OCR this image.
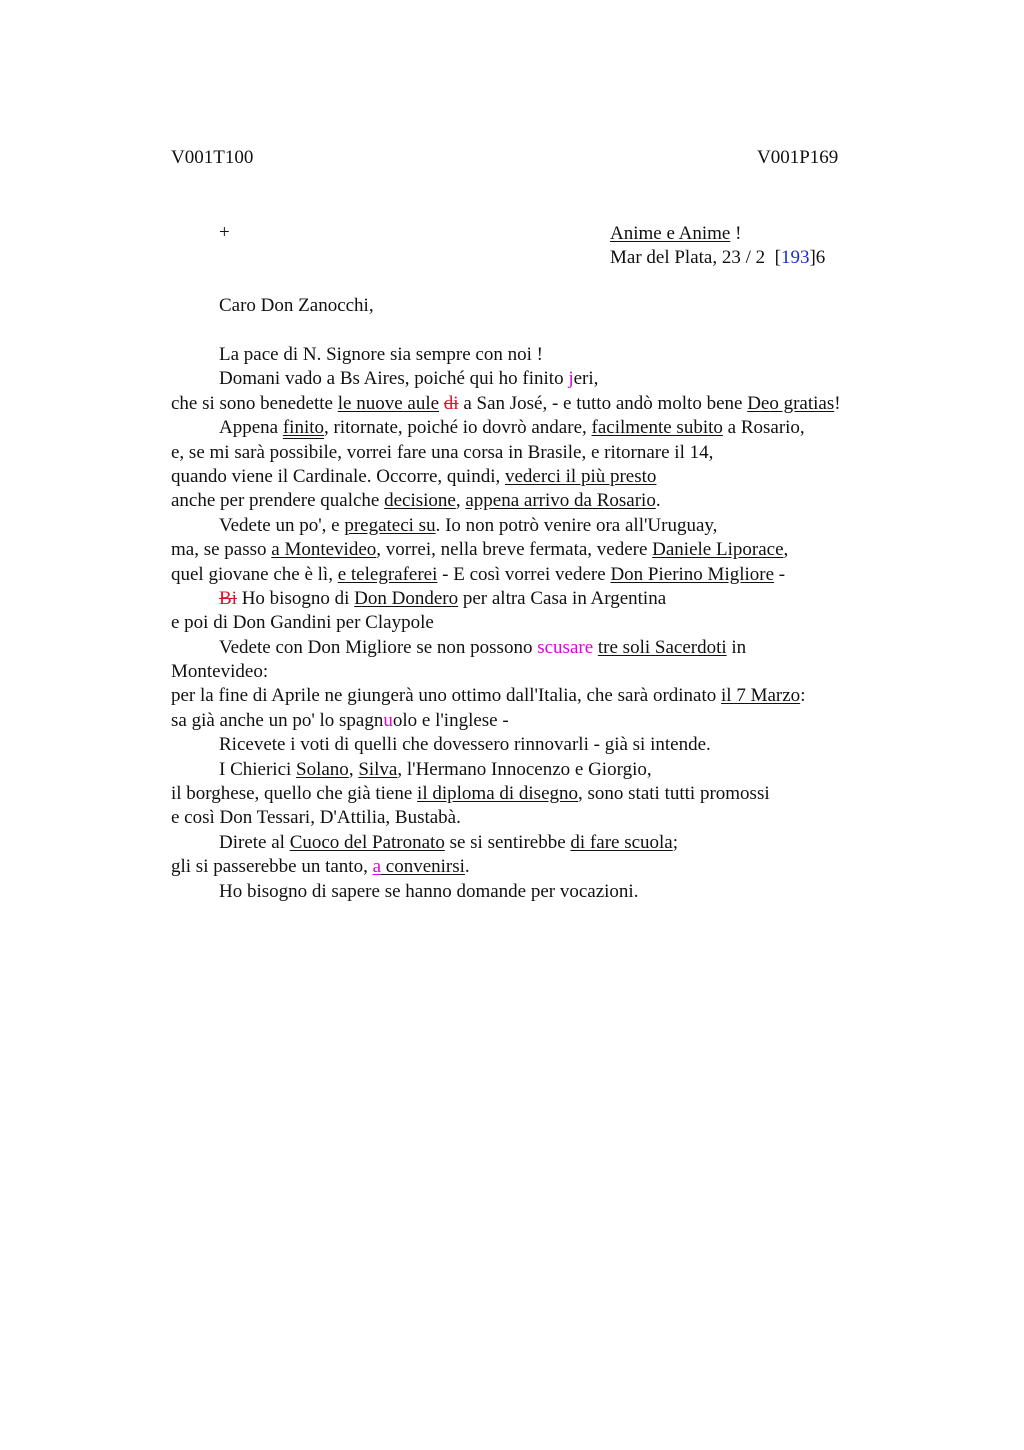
V001T100	V001P169
+	Anime e Anime !
Mar del Plata, 23 / 2  [193]6
Caro Don Zanocchi,
La pace di N. Signore sia sempre con noi !
Domani vado a Bs Aires, poiché qui ho finito jeri,
che si sono benedette le nuove aule di a San José, - e tutto andò molto bene Deo gratias!
Appena finito, ritornate, poiché io dovrò andare, facilmente subito a Rosario,
e, se mi sarà possibile, vorrei fare una corsa in Brasile, e ritornare il 14,
quando viene il Cardinale. Occorre, quindi, vederci il più presto
anche per prendere qualche decisione, appena arrivo da Rosario.
Vedete un po', e pregateci su. Io non potrò venire ora all'Uruguay,
ma, se passo a Montevideo, vorrei, nella breve fermata, vedere Daniele Liporace,
quel giovane che è lì, e telegraferei - E così vorrei vedere Don Pierino Migliore -
Bi Ho bisogno di Don Dondero per altra Casa in Argentina
e poi di Don Gandini per Claypole
Vedete con Don Migliore se non possono scusare tre soli Sacerdoti in
Montevideo:
per la fine di Aprile ne giungerà uno ottimo dall'Italia, che sarà ordinato il 7 Marzo:
sa già anche un po' lo spagnuolo e l'inglese -
Ricevete i voti di quelli che dovessero rinnovarli - già si intende.
I Chierici Solano, Silva, l'Hermano Innocenzo e Giorgio,
il borghese, quello che già tiene il diploma di disegno, sono stati tutti promossi
e così Don Tessari, D'Attilia, Bustabà.
Direte al Cuoco del Patronato se si sentirebbe di fare scuola;
gli si passerebbe un tanto, a convenirsi.
Ho bisogno di sapere se hanno domande per vocazioni.
